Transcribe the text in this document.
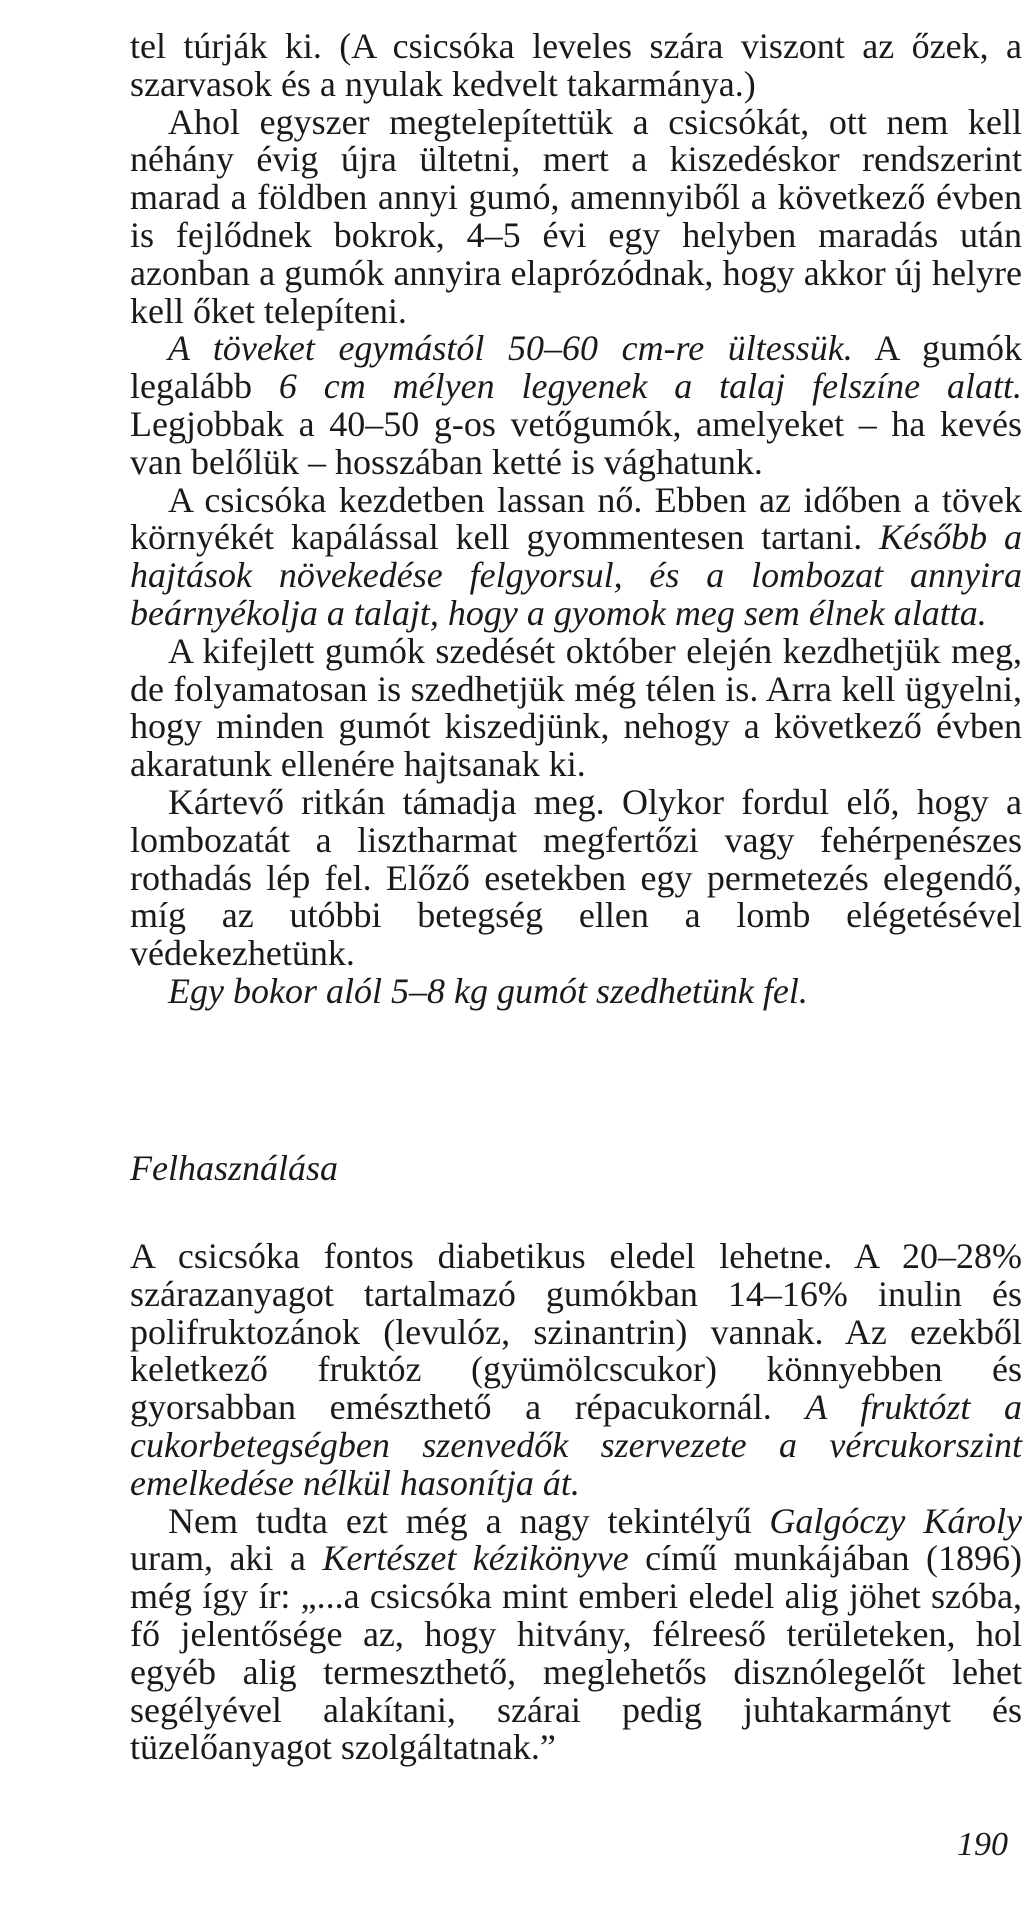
tel túrják ki. (A csicsóka leveles szára viszont az őzek, a szarvasok és a nyulak kedvelt takarmánya.)

Ahol egyszer megtelepítettük a csicsókát, ott nem kell néhány évig újra ültetni, mert a kiszedéskor rendszerint marad a földben annyi gumó, amennyiből a következő évben is fejlődnek bokrok, 4–5 évi egy helyben maradás után azonban a gumók annyira elaprózódnak, hogy akkor új helyre kell őket telepíteni.

A töveket egymástól 50–60 cm-re ültessük. A gumók legalább 6 cm mélyen legyenek a talaj felszíne alatt. Legjobbak a 40–50 g-os vetőgumók, amelyeket – ha kevés van belőlük – hosszában ketté is vághatunk.

A csicsóka kezdetben lassan nő. Ebben az időben a tövek környékét kapálással kell gyommentesen tartani. Később a hajtások növekedése felgyorsul, és a lombozat annyira beárnyékolja a talajt, hogy a gyomok meg sem élnek alatta.

A kifejlett gumók szedését október elején kezdhetjük meg, de folyamatosan is szedhetjük még télen is. Arra kell ügyelni, hogy minden gumót kiszedjünk, nehogy a következő évben akaratunk ellenére hajtsanak ki.

Kártevő ritkán támadja meg. Olykor fordul elő, hogy a lombozatát a lisztharmat megfertőzi vagy fehérpenészes rothadás lép fel. Előző esetekben egy permetezés elegendő, míg az utóbbi betegség ellen a lomb elégetésével védekezhetünk.

Egy bokor alól 5–8 kg gumót szedhetünk fel.

Felhasználása

A csicsóka fontos diabetikus eledel lehetne. A 20–28% szárazanyagot tartalmazó gumókban 14–16% inulin és polifruktozánok (levulóz, szinantrin) vannak. Az ezekből keletkező fruktóz (gyümölcscukor) könnyebben és gyorsabban emészthető a répacukornál. A fruktózt a cukorbetegségben szenvedők szervezete a vércukorszint emelkedése nélkül hasonítja át.

Nem tudta ezt még a nagy tekintélyű Galgóczy Károly uram, aki a Kertészet kézikönyve című munkájában (1896) még így ír: „...a csicsóka mint emberi eledel alig jöhet szóba, fő jelentősége az, hogy hitvány, félreeső területeken, hol egyéb alig termeszthető, meglehetős disznólegelőt lehet segélyével alakítani, szárai pedig juhtakarmányt és tüzelőanyagot szolgáltatnak.”

190
